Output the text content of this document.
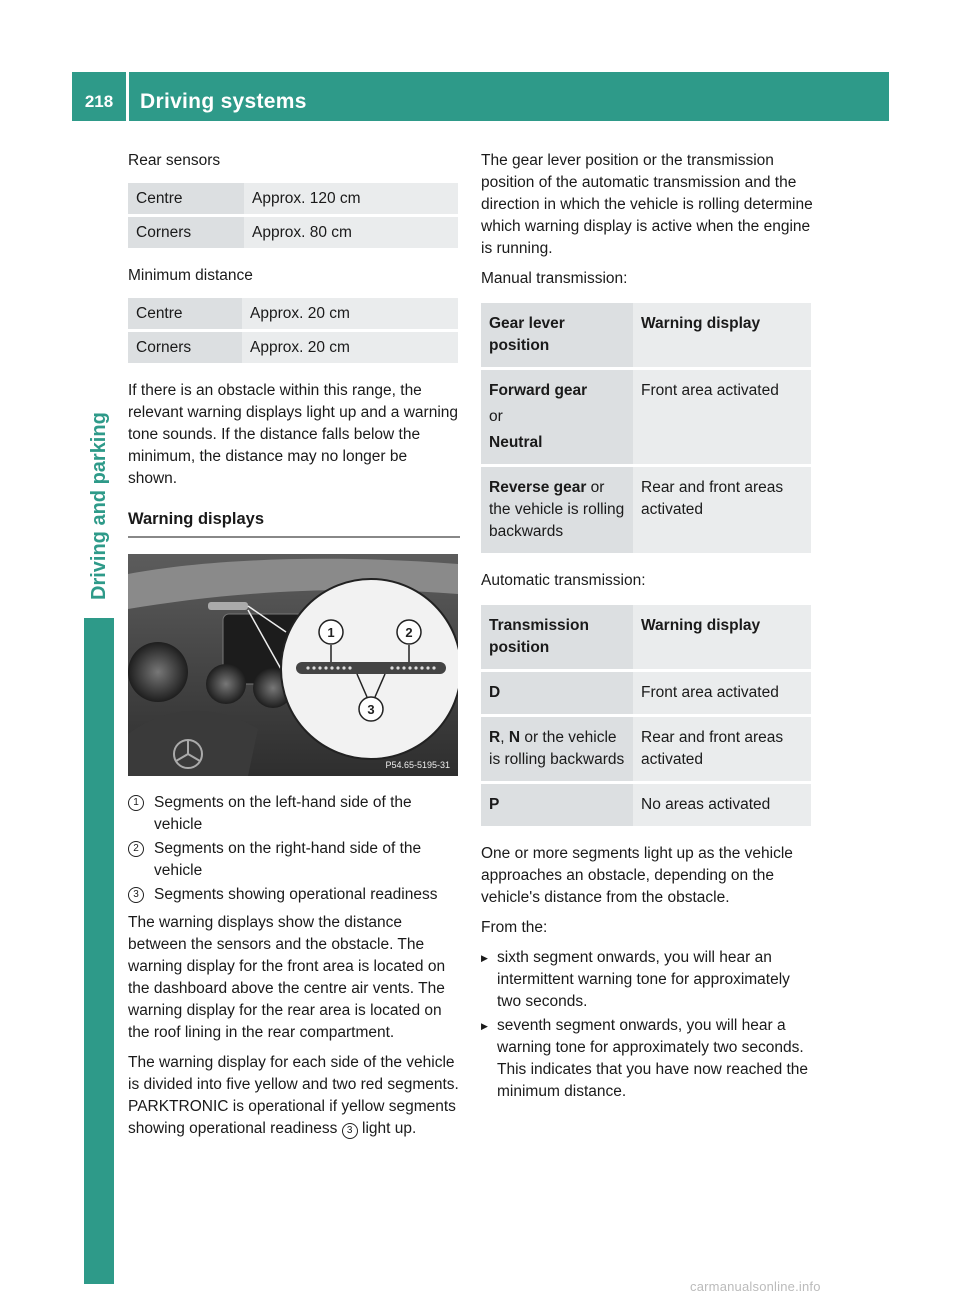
218	Driving systems
Driving and parking

Rear sensors

Centre	Approx. 120 cm
Corners	Approx. 80 cm

Minimum distance

Centre	Approx. 20 cm
Corners	Approx. 20 cm

If there is an obstacle within this range, the relevant warning displays light up and a warning tone sounds. If the distance falls below the minimum, the distance may no longer be shown.

Warning displays
1	2
3
P54.65-5195-31
1 Segments on the left-hand side of the vehicle
2 Segments on the right-hand side of the vehicle
3 Segments showing operational readiness

The warning displays show the distance between the sensors and the obstacle. The warning display for the front area is located on the dashboard above the centre air vents. The warning display for the rear area is located on the roof lining in the rear compartment.

The warning display for each side of the vehicle is divided into five yellow and two red segments. PARKTRONIC is operational if yellow segments showing operational readiness 3 light up.

The gear lever position or the transmission position of the automatic transmission and the direction in which the vehicle is rolling determine which warning display is active when the engine is running.

Manual transmission:

Gear lever position	Warning display

Forward gear
or
Neutral	Front area activated
Reverse gear or the vehicle is rolling backwards	Rear and front areas activated

Automatic transmission:

Transmission position	Warning display
D	Front area activated
R, N or the vehicle is rolling backwards	Rear and front areas activated
P	No areas activated

One or more segments light up as the vehicle approaches an obstacle, depending on the vehicle's distance from the obstacle.

From the:

▶ sixth segment onwards, you will hear an intermittent warning tone for approximately two seconds.
▶ seventh segment onwards, you will hear a warning tone for approximately two seconds. This indicates that you have now reached the minimum distance.
carmanualsonline.info
